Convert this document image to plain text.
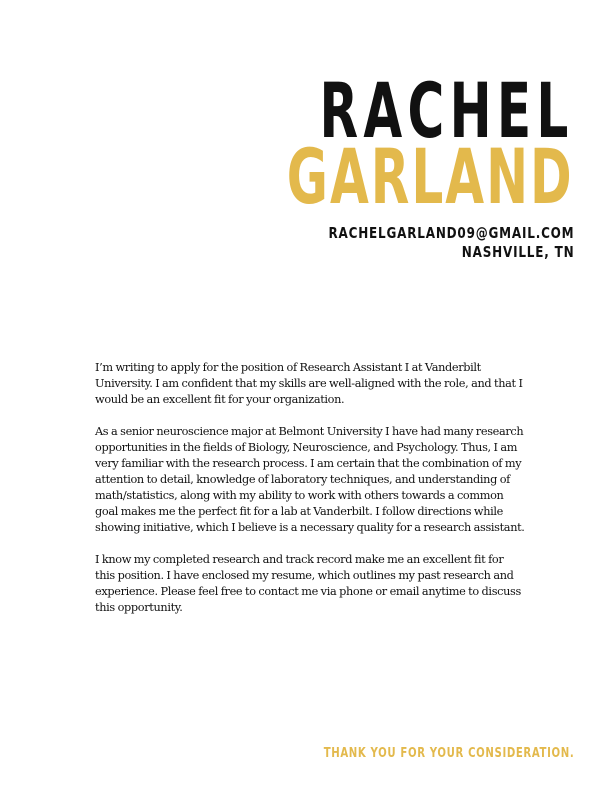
RACHEL
GARLAND
RACHELGARLAND09@GMAIL.COM
NASHVILLE, TN

I’m writing to apply for the position of Research Assistant I at Vanderbilt University. I am confident that my skills are well-aligned with the role, and that I would be an excellent fit for your organization.

As a senior neuroscience major at Belmont University I have had many research opportunities in the fields of Biology, Neuroscience, and Psychology. Thus, I am very familiar with the research process. I am certain that the combination of my attention to detail, knowledge of laboratory techniques, and understanding of math/statistics, along with my ability to work with others towards a common goal makes me the perfect fit for a lab at Vanderbilt. I follow directions while showing initiative, which I believe is a necessary quality for a research assistant.

I know my completed research and track record make me an excellent fit for this position. I have enclosed my resume, which outlines my past research and experience. Please feel free to contact me via phone or email anytime to discuss this opportunity.

THANK YOU FOR YOUR CONSIDERATION.
